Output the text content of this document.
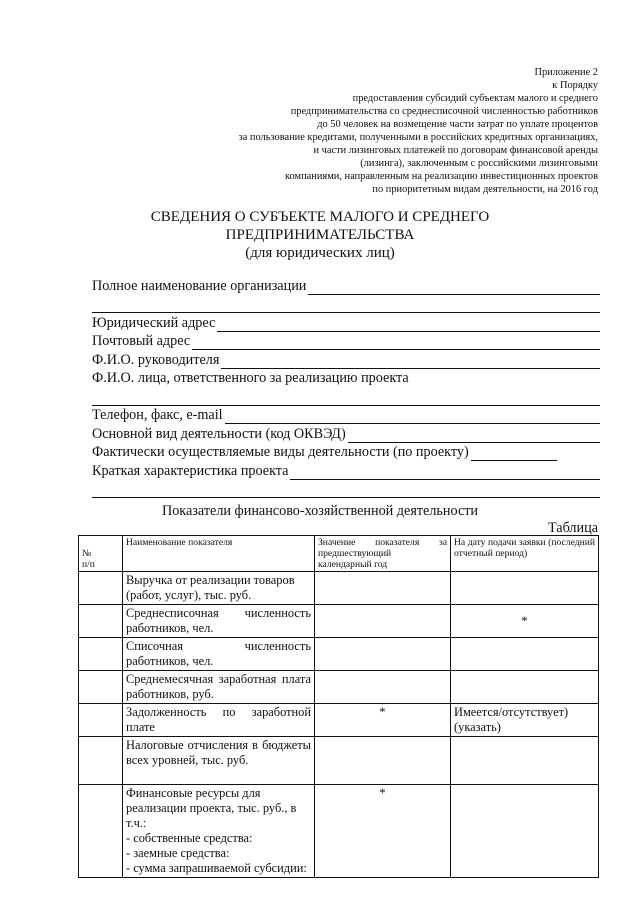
Приложение 2
к Порядку
предоставления субсидий субъектам малого и среднего
предпринимательства со среднесписочной численностью работников
до 50 человек на возмещение части затрат по уплате процентов
за пользование кредитами, полученными в российских кредитных организациях,
и части лизинговых платежей по договорам финансовой аренды
(лизинга), заключенным с российскими лизинговыми
компаниями, направленным на реализацию инвестиционных проектов
по приоритетным видам деятельности, на 2016 год
СВЕДЕНИЯ О СУБЪЕКТЕ МАЛОГО И СРЕДНЕГО
ПРЕДПРИНИМАТЕЛЬСТВА
(для юридических лиц)
Полное наименование организации
Юридический адрес
Почтовый адрес
Ф.И.О. руководителя
Ф.И.О. лица, ответственного за реализацию проекта
Телефон, факс, e-mail
Основной вид деятельности (код ОКВЭД)
Фактически осуществляемые виды деятельности (по проекту)
Краткая характеристика проекта
Показатели финансово-хозяйственной деятельности
Таблица
№
п/п	Наименование показателя	Значение показателя за предшествующий календарный год	На дату подачи заявки (последний отчетный период)
	Выручка от реализации товаров (работ, услуг), тыс. руб.		
	Среднесписочная численность работников, чел.		*
	Списочная численность работников, чел.		
	Среднемесячная заработная плата работников, руб.		
	Задолженность по заработной плате	*	Имеется/отсутствует) (указать)
	Налоговые отчисления в бюджеты всех уровней, тыс. руб.		

	Финансовые ресурсы для реализации проекта, тыс. руб., в т.ч.:
- собственные средства:
- заемные средства:
- сумма запрашиваемой субсидии:	*	
